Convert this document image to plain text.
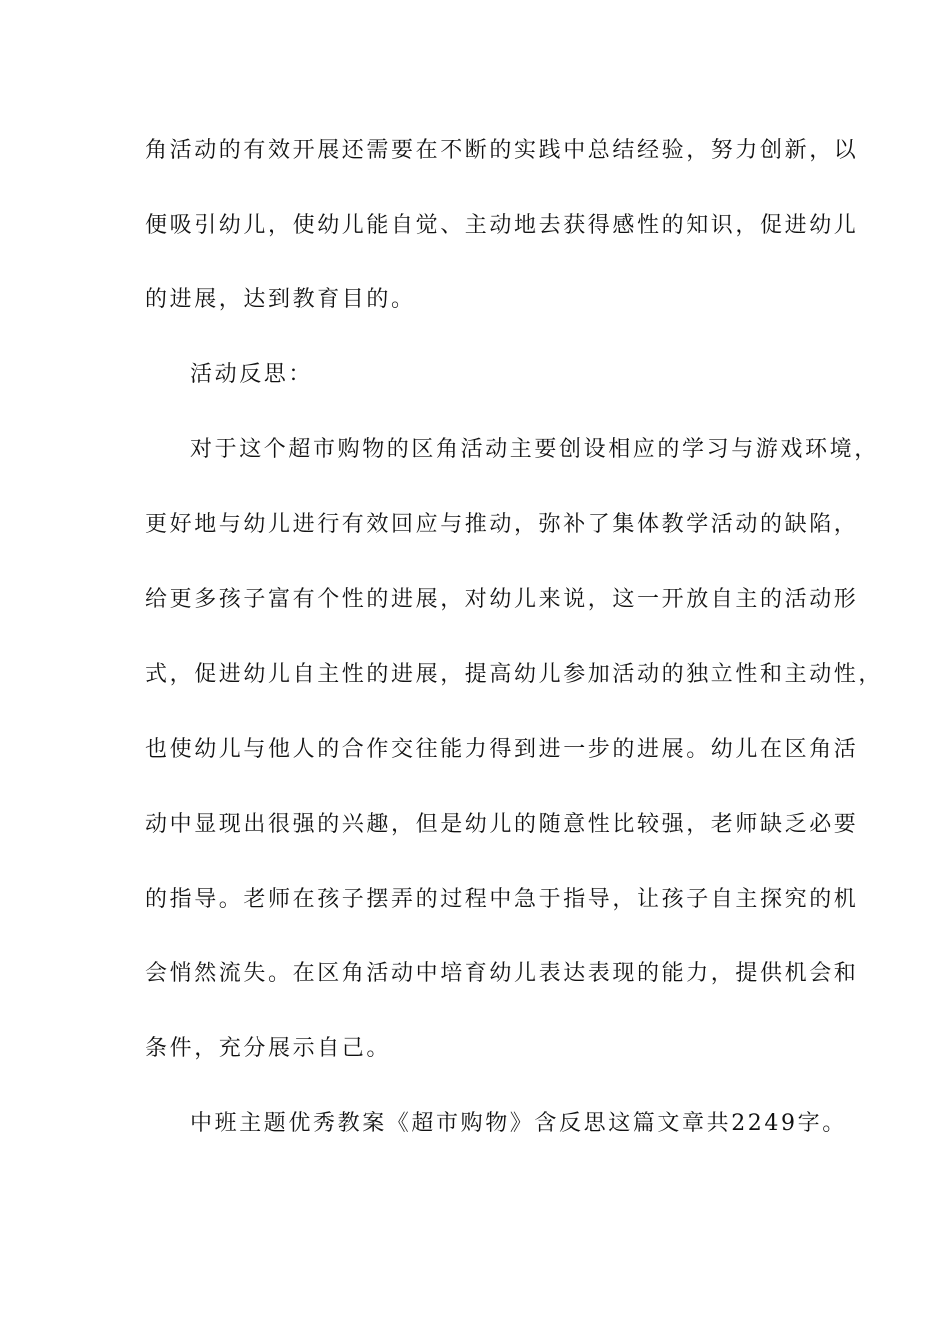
角活动的有效开展还需要在不断的实践中总结经验，努力创新，以
便吸引幼儿，使幼儿能自觉、主动地去获得感性的知识，促进幼儿
的进展，达到教育目的。
活动反思：
对于这个超市购物的区角活动主要创设相应的学习与游戏环境，
更好地与幼儿进行有效回应与推动，弥补了集体教学活动的缺陷，
给更多孩子富有个性的进展，对幼儿来说，这一开放自主的活动形
式，促进幼儿自主性的进展，提高幼儿参加活动的独立性和主动性，
也使幼儿与他人的合作交往能力得到进一步的进展。幼儿在区角活
动中显现出很强的兴趣，但是幼儿的随意性比较强，老师缺乏必要
的指导。老师在孩子摆弄的过程中急于指导，让孩子自主探究的机
会悄然流失。在区角活动中培育幼儿表达表现的能力，提供机会和
条件，充分展示自己。
中班主题优秀教案《超市购物》含反思这篇文章共2249字。
